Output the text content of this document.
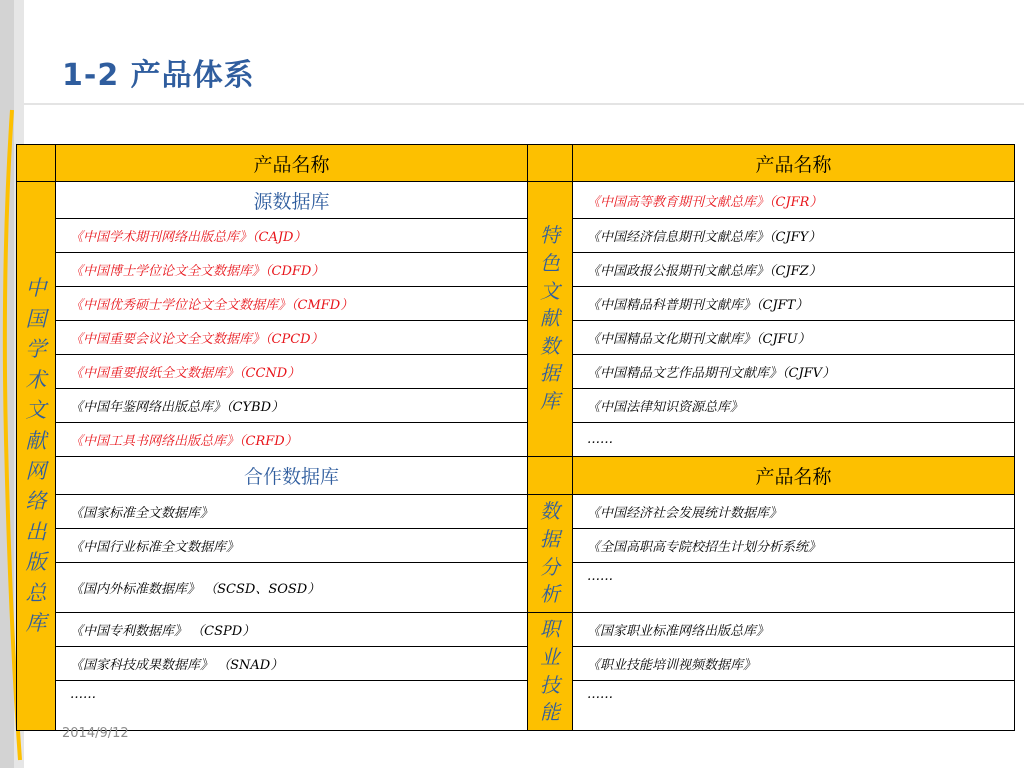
1-2 产品体系
	产品名称		产品名称
中国学术文献网络出版总库	源数据库	特色文献数据库	《中国高等教育期刊文献总库》（CJFR）
	《中国学术期刊网络出版总库》（CAJD）		《中国经济信息期刊文献总库》（CJFY）
	《中国博士学位论文全文数据库》（CDFD）		《中国政报公报期刊文献总库》（CJFZ）
	《中国优秀硕士学位论文全文数据库》（CMFD）		《中国精品科普期刊文献库》（CJFT）
	《中国重要会议论文全文数据库》（CPCD）		《中国精品文化期刊文献库》（CJFU）
	《中国重要报纸全文数据库》（CCND）		《中国精品文艺作品期刊文献库》（CJFV）
	《中国年鉴网络出版总库》（CYBD）		《中国法律知识资源总库》
	《中国工具书网络出版总库》（CRFD）		……
	合作数据库		产品名称
	《国家标准全文数据库》	数据分析	《中国经济社会发展统计数据库》
	《中国行业标准全文数据库》		《全国高职高专院校招生计划分析系统》
	《国内外标准数据库》 （SCSD、SOSD）		……
	《中国专利数据库》 （CSPD）	职业技能	《国家职业标准网络出版总库》
	《国家科技成果数据库》 （SNAD）		《职业技能培训视频数据库》
	……		……
2014/9/12
